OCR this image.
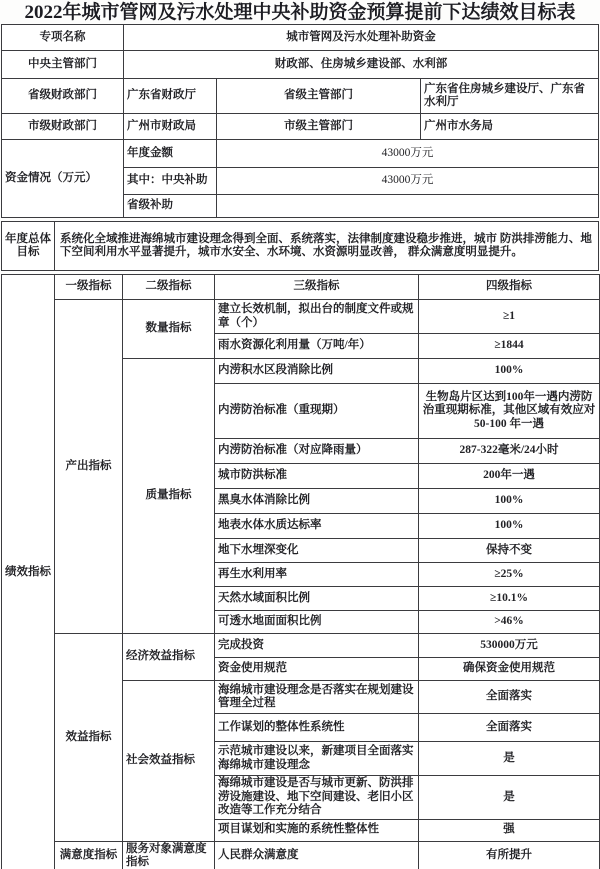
2022年城市管网及污水处理中央补助资金预算提前下达绩效目标表
专项名称	城市管网及污水处理补助资金		
中央主管部门	财政部、住房城乡建设部、水利部		
省级财政部门	广东省财政厅	省级主管部门	广东省住房城乡建设厅、广东省水利厅
市级财政部门	广州市财政局	市级主管部门	广州市水务局
资金情况（万元）	年度金额	43000万元	
	其中：中央补助	43000万元	
	省级补助		
年度总体目标	系统化全域推进海绵城市建设理念得到全面、系统落实，法律制度建设稳步推进，城市 防洪排涝能力、地下空间利用水平显著提升，城市水安全、水环境、水资源明显改善， 群众满意度明显提升。
绩效指标	一级指标	二级指标	三级指标	四级指标
	产出指标	数量指标	建立长效机制，拟出台的制度文件或规章（个）	≥1
			雨水资源化利用量（万吨/年）	≥1844
		质量指标	内涝积水区段消除比例	100%
			内涝防治标准（重现期）	生物岛片区达到100年一遇内涝防治重现期标准，其他区域有效应对50-100 年一遇
			内涝防治标准（对应降雨量）	287-322毫米/24小时
			城市防洪标准	200年一遇
			黑臭水体消除比例	100%
			地表水体水质达标率	100%
			地下水埋深变化	保持不变
			再生水利用率	≥25%
			天然水域面积比例	≥10.1%
			可透水地面面积比例	>46%
	效益指标	经济效益指标	完成投资	530000万元
			资金使用规范	确保资金使用规范
		社会效益指标	海绵城市建设理念是否落实在规划建设管理全过程	全面落实
			工作谋划的整体性系统性	全面落实
			示范城市建设以来，新建项目全面落实海绵城市建设理念	是
			海绵城市建设是否与城市更新、防洪排涝设施建设、地下空间建设、老旧小区改造等工作充分结合	是
			项目谋划和实施的系统性整体性	强
	满意度指标	服务对象满意度指标	人民群众满意度	有所提升
